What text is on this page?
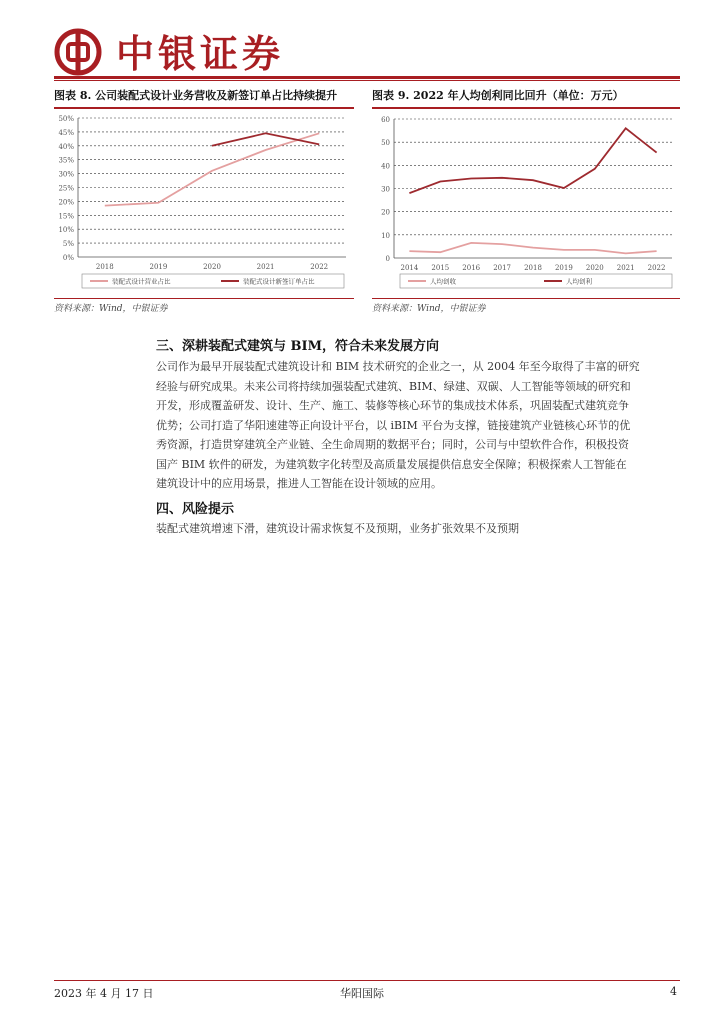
中银证券
图表 8. 公司装配式设计业务营收及新签订单占比持续提升
0%
5%
10%
15%
20%
25%
30%
35%
40%
45%
50%
2018	2019	2020	2021	2022
装配式设计营业占比	装配式设计新签订单占比
资料来源：Wind，中银证券
图表 9. 2022 年人均创利同比回升（单位：万元）
0
10
20
30
40
50
60
2014 2015 2016 2017 2018 2019 2020 2021 2022
人均创收	人均创利
资料来源：Wind，中银证券
三、深耕装配式建筑与 BIM，符合未来发展方向
公司作为最早开展装配式建筑设计和 BIM 技术研究的企业之一，从 2004 年至今取得了丰富的研究
经验与研究成果。未来公司将持续加强装配式建筑、BIM、绿建、双碳、人工智能等领域的研究和
开发，形成覆盖研发、设计、生产、施工、装修等核心环节的集成技术体系，巩固装配式建筑竞争
优势；公司打造了华阳速建等正向设计平台，以 iBIM 平台为支撑，链接建筑产业链核心环节的优
秀资源，打造贯穿建筑全产业链、全生命周期的数据平台；同时，公司与中望软件合作，积极投资
国产 BIM 软件的研发，为建筑数字化转型及高质量发展提供信息安全保障；积极探索人工智能在
建筑设计中的应用场景，推进人工智能在设计领域的应用。
四、风险提示
装配式建筑增速下滑，建筑设计需求恢复不及预期，业务扩张效果不及预期
2023 年 4 月 17 日	华阳国际	4
